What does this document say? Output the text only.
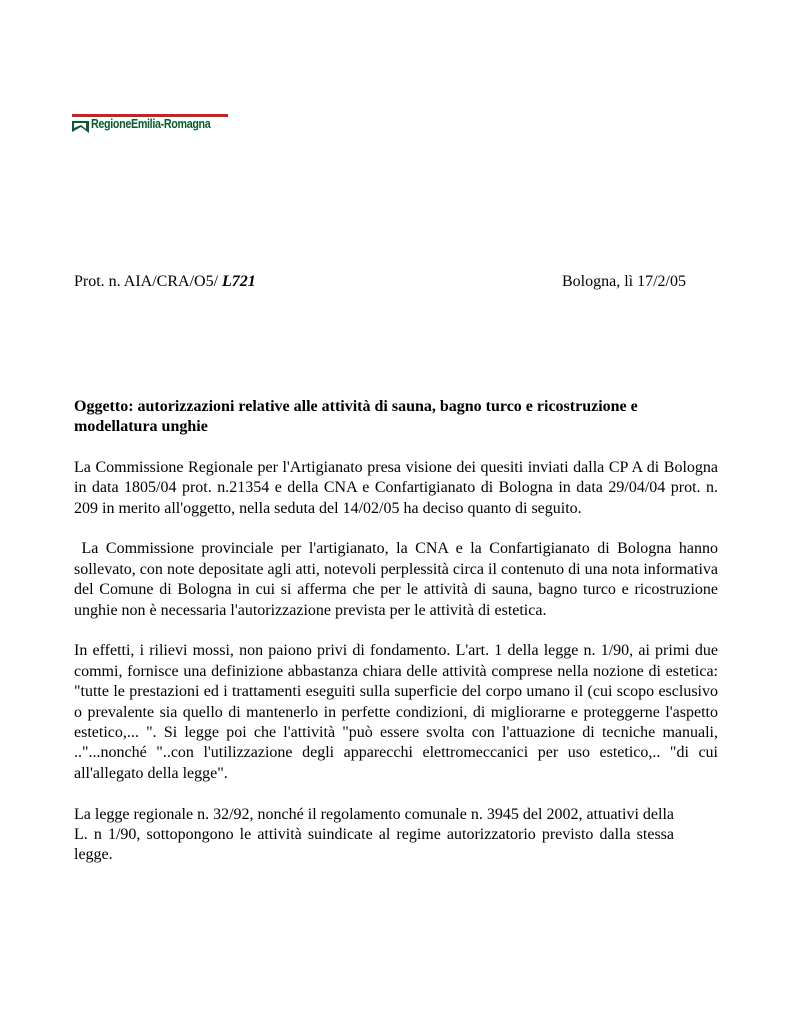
RegioneEmilia-Romagna
Prot. n. AIA/CRA/O5/ L721	Bologna, lì 17/2/05

Oggetto: autorizzazioni relative alle attività di sauna, bagno turco e ricostruzione e modellatura unghie

La Commissione Regionale per l'Artigianato presa visione dei quesiti inviati dalla CP A di Bologna in data 1805/04 prot. n.21354 e della CNA e Confartigianato di Bologna in data 29/04/04 prot. n. 209 in merito all'oggetto, nella seduta del 14/02/05 ha deciso quanto di seguito.

La Commissione provinciale per l'artigianato, la CNA e la Confartigianato di Bologna hanno sollevato, con note depositate agli atti, notevoli perplessità circa il contenuto di una nota informativa del Comune di Bologna in cui si afferma che per le attività di sauna, bagno turco e ricostruzione unghie non è necessaria l'autorizzazione prevista per le attività di estetica.

In effetti, i rilievi mossi, non paiono privi di fondamento. L'art. 1 della legge n. 1/90, ai primi due commi, fornisce una definizione abbastanza chiara delle attività comprese nella nozione di estetica: "tutte le prestazioni ed i trattamenti eseguiti sulla superficie del corpo umano il (cui scopo esclusivo o prevalente sia quello di mantenerlo in perfette condizioni, di migliorarne e proteggerne l'aspetto estetico,... ". Si legge poi che l'attività "può essere svolta con l'attuazione di tecniche manuali, .."...nonché "..con l'utilizzazione degli apparecchi elettromeccanici per uso estetico,.. "di cui all'allegato della legge".

La legge regionale n. 32/92, nonché il regolamento comunale n. 3945 del 2002, attuativi della L. n 1/90, sottopongono le attività suindicate al regime autorizzatorio previsto dalla stessa legge.
